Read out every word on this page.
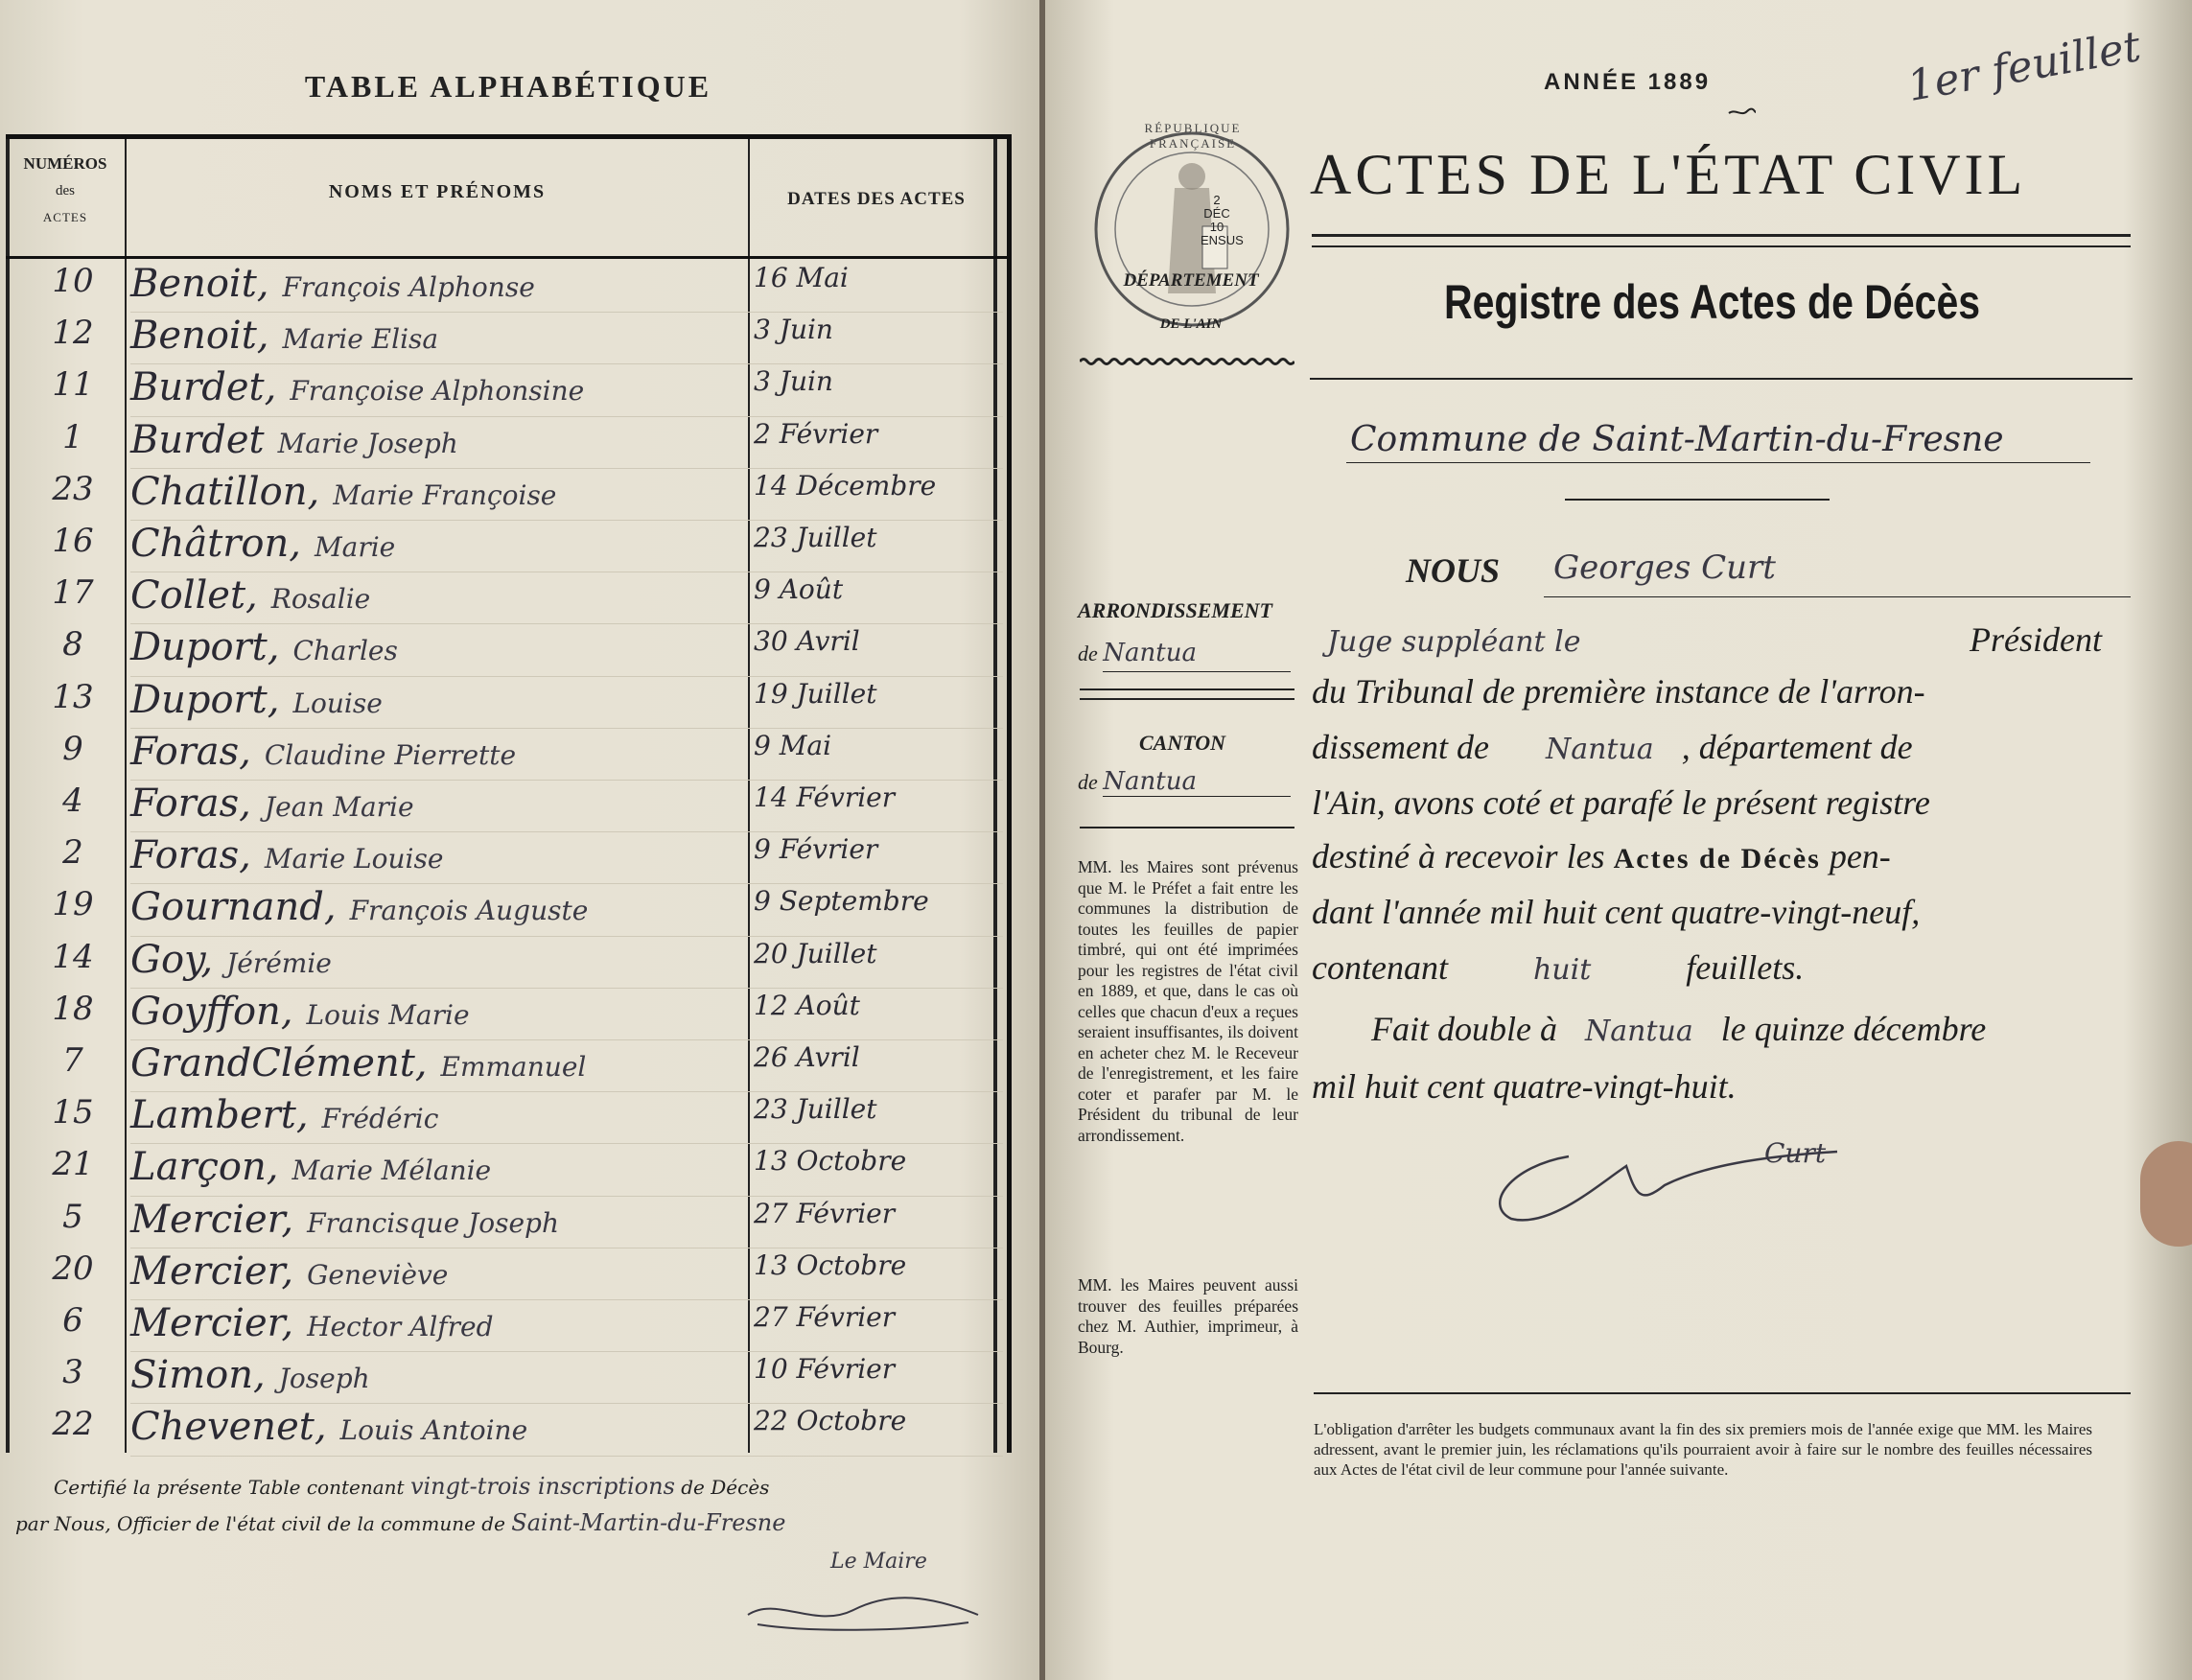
TABLE ALPHABÉTIQUE
NUMÉROS
des
ACTES
NOMS ET PRÉNOMS	DATES DES ACTES
10 Benoit, François Alphonse	16 Mai
12 Benoit, Marie Elisa	3 Juin
11 Burdet, Françoise Alphonsine	3 Juin
1	Burdet Marie Joseph	2 Février
23 Chatillon, Marie Françoise	14 Décembre
16 Châtron, Marie	23 Juillet
17 Collet, Rosalie	9 Août
8	Duport, Charles	30 Avril
13 Duport, Louise	19 Juillet
9	Foras, Claudine Pierrette	9 Mai
4	Foras, Jean Marie	14 Février
2	Foras, Marie Louise	9 Février
19 Gournand, François Auguste	9 Septembre
14 Goy, Jérémie	20 Juillet
18 Goyffon, Louis Marie	12 Août
7	GrandClément, Emmanuel	26 Avril
15 Lambert, Frédéric	23 Juillet
21 Larçon, Marie Mélanie	13 Octobre
5	Mercier, Francisque Joseph	27 Février
20 Mercier, Geneviève	13 Octobre
6	Mercier, Hector Alfred	27 Février
3	Simon, Joseph	10 Février
22 Chevenet, Louis Antoine	22 Octobre
Certifié la présente Table contenant vingt-trois inscriptions de Décès
par Nous, Officier de l'état civil de la commune de Saint-Martin-du-Fresne
Le Maire
ANNÉE 1889	1er feuillet
ACTES DE L'ÉTAT CIVIL
Registre des Actes de Décès
2 DÉC 10 ENSUS
RÉPUBLIQUE FRANÇAISE
DÉPARTEMENT
DE L'AIN
Commune de Saint-Martin-du-Fresne
NOUS Georges Curt
Juge suppléant le	Président
du Tribunal de première instance de l'arron-
dissement de Nantua , département de
l'Ain, avons coté et parafé le présent registre
destiné à recevoir les Actes de Décès pen-
dant l'année mil huit cent quatre-vingt-neuf,
contenant	huit	feuillets.
Fait double à Nantua le quinze décembre
mil huit cent quatre-vingt-huit.
Curt
ARRONDISSEMENT
de Nantua
CANTON
de Nantua
MM. les Maires sont prévenus que M. le Préfet a fait entre les communes la distribution de toutes les feuilles de papier timbré, qui ont été imprimées pour les registres de l'état civil en 1889, et que, dans le cas où celles que chacun d'eux a reçues seraient insuffisantes, ils doivent en acheter chez M. le Receveur de l'enregistrement, et les faire coter et parafer par M. le Président du tribunal de leur arrondissement.
MM. les Maires peuvent aussi trouver des feuilles préparées chez M. Authier, imprimeur, à Bourg.
L'obligation d'arrêter les budgets communaux avant la fin des six premiers mois de l'année exige que MM. les Maires adressent, avant le premier juin, les réclamations qu'ils pourraient avoir à faire sur le nombre des feuilles nécessaires aux Actes de l'état civil de leur commune pour l'année suivante.
